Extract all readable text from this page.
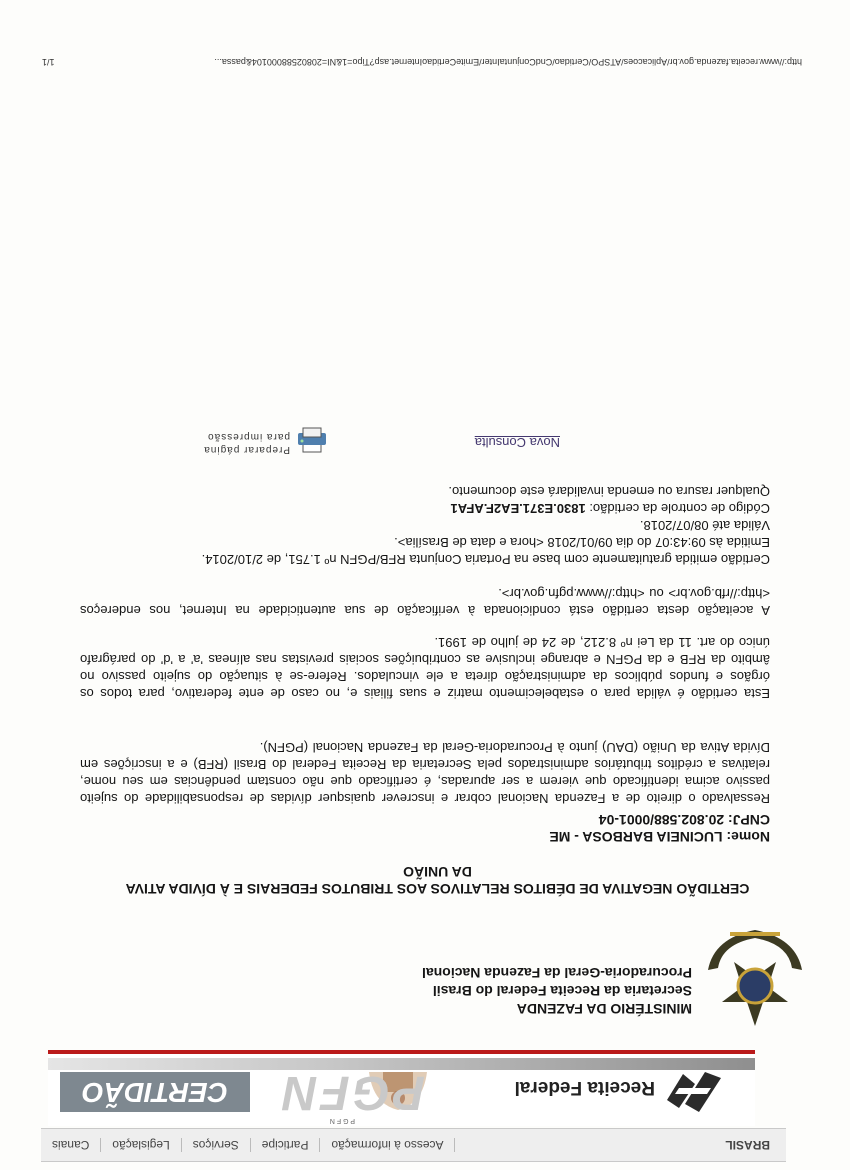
http://www.receita.fazenda.gov.br/Aplicacoes/ATSPO/Certidao/CndConjuntaInter/EmiteCertidaoInternet.asp?Tipo=1&NI=20802588000104&passa...
1/1
BRASIL
Acesso à informação
Participe
Serviços
Legislação
Canais
Receita Federal
P G F N
PGFN
CERTIDÃO
MINISTÉRIO DA FAZENDA
Secretaria da Receita Federal do Brasil
Procuradoria-Geral da Fazenda Nacional
CERTIDÃO NEGATIVA DE DÉBITOS RELATIVOS AOS TRIBUTOS FEDERAIS E À DÍVIDA ATIVA
DA UNIÃO
Nome: LUCINEIA BARBOSA - ME
CNPJ: 20.802.588/0001-04
Ressalvado o direito de a Fazenda Nacional cobrar e inscrever quaisquer dívidas de responsabilidade do sujeito passivo acima identificado que vierem a ser apuradas, é certificado que não constam pendências em seu nome, relativas a créditos tributários administrados pela Secretaria da Receita Federal do Brasil (RFB) e a inscrições em Dívida Ativa da União (DAU) junto à Procuradoria-Geral da Fazenda Nacional (PGFN).
Esta certidão é válida para o estabelecimento matriz e suas filiais e, no caso de ente federativo, para todos os órgãos e fundos públicos da administração direta a ele vinculados. Refere-se à situação do sujeito passivo no âmbito da RFB e da PGFN e abrange inclusive as contribuições sociais previstas nas alíneas 'a' a 'd' do parágrafo único do art. 11 da Lei nº 8.212, de 24 de julho de 1991.
A aceitação desta certidão está condicionada à verificação de sua autenticidade na Internet, nos endereços <http://rfb.gov.br> ou <http://www.pgfn.gov.br>.
Certidão emitida gratuitamente com base na Portaria Conjunta RFB/PGFN nº 1.751, de 2/10/2014.
Emitida às 09:43:07 do dia 09/01/2018 <hora e data de Brasília>.
Válida até 08/07/2018.
Código de controle da certidão: 1830.E371.EA2F.AFA1
Qualquer rasura ou emenda invalidará este documento.
Nova Consulta
Preparar página
para impressão
